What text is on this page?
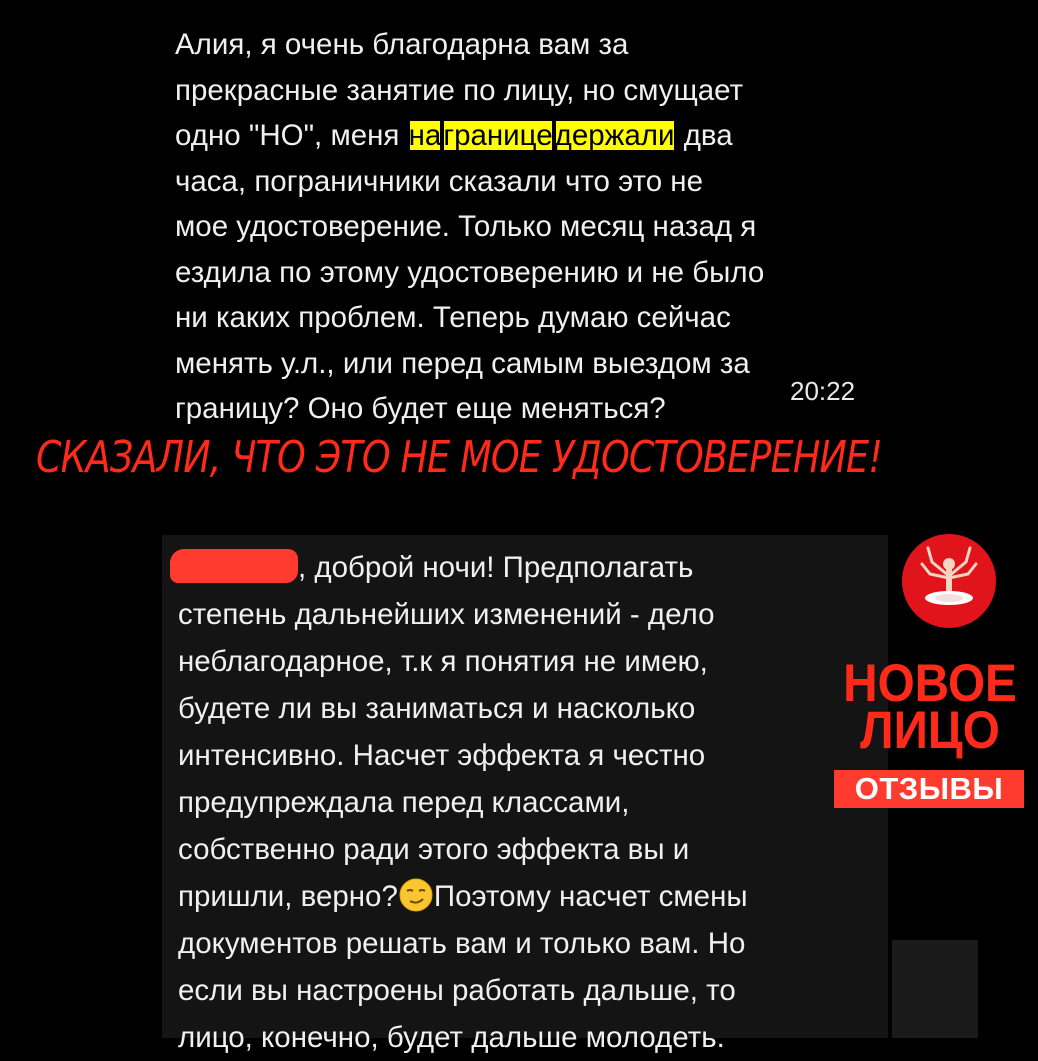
Алия, я очень благодарна вам за
прекрасные занятие по лицу, но смущает
одно "НО", меня награницедержали два
часа, пограничники сказали что это не
мое удостоверение. Только месяц назад я
ездила по этому удостоверению и не было
ни каких проблем. Теперь думаю сейчас
менять у.л., или перед самым выездом за
границу? Оно будет еще меняться?
20:22
СКАЗАЛИ, ЧТО ЭТО НЕ МОЕ УДОСТОВЕРЕНИЕ!
, доброй ночи! Предполагать
степень дальнейших изменений - дело
неблагодарное, т.к я понятия не имею,
будете ли вы заниматься и насколько
интенсивно. Насчет эффекта я честно
предупреждала перед классами,
собственно ради этого эффекта вы и
пришли, верно? Поэтому насчет смены
документов решать вам и только вам. Но
если вы настроены работать дальше, то
лицо, конечно, будет дальше молодеть.
НОВОЕ
ЛИЦО
ОТЗЫВЫ
